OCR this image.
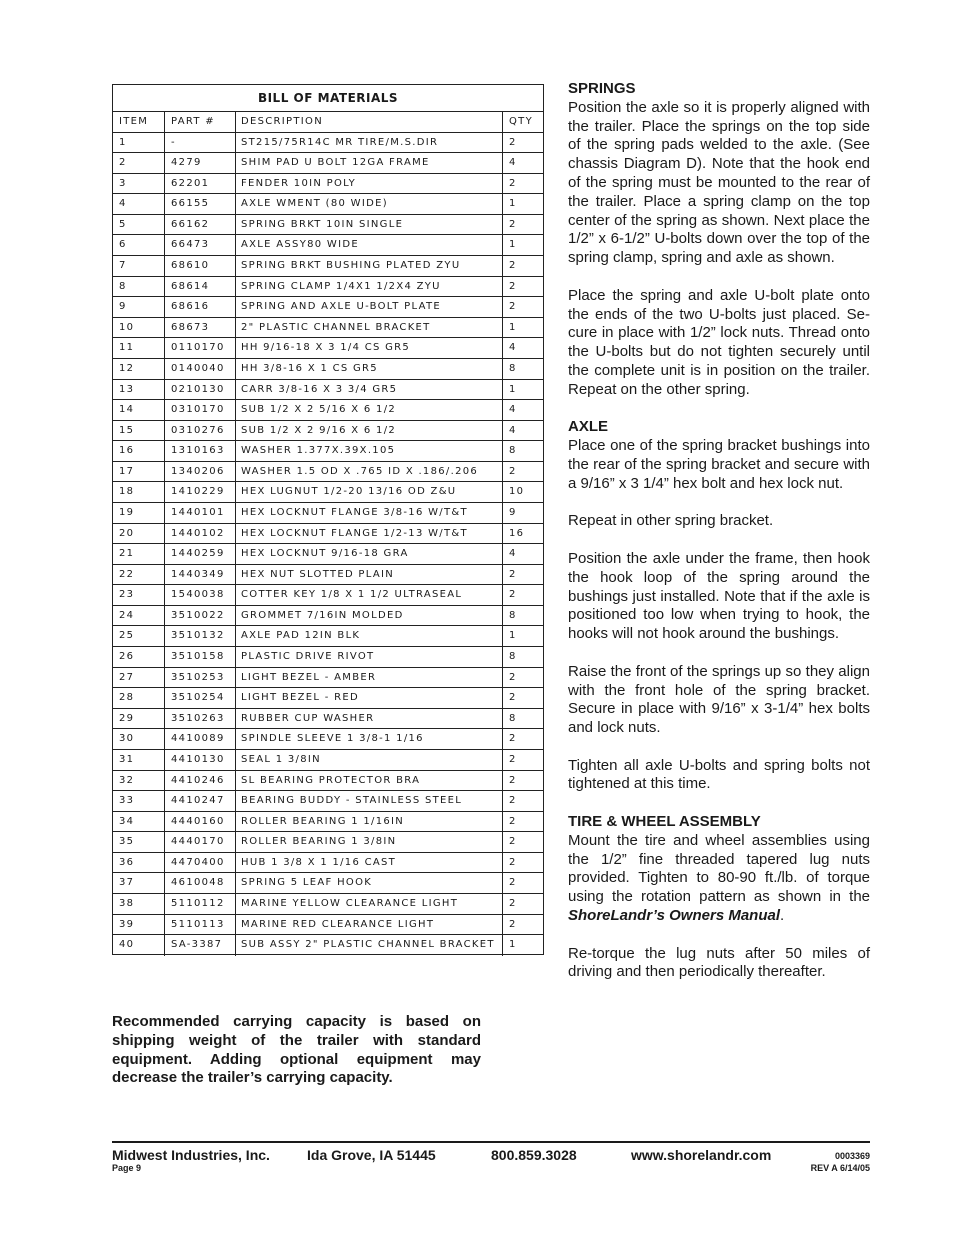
BILL OF MATERIALS
ITEM	PART #	DESCRIPTION	QTY
1	-	ST215/75R14C MR TIRE/M.S.DIR	2
2	4279	SHIM PAD U BOLT 12GA FRAME	4
3	62201	FENDER 10IN POLY	2
4	66155	AXLE WMENT (80 WIDE)	1
5	66162	SPRING BRKT 10IN SINGLE	2
6	66473	AXLE ASSY80 WIDE	1
7	68610	SPRING BRKT BUSHING PLATED ZYU	2
8	68614	SPRING CLAMP 1/4X1 1/2X4 ZYU	2
9	68616	SPRING AND AXLE U-BOLT PLATE	2
10	68673	2" PLASTIC CHANNEL BRACKET	1
11	0110170	HH 9/16-18 X 3 1/4 CS GR5	4
12	0140040	HH 3/8-16 X 1 CS GR5	8
13	0210130	CARR 3/8-16 X 3 3/4 GR5	1
14	0310170	SUB 1/2 X 2 5/16 X 6 1/2	4
15	0310276	SUB 1/2 X 2 9/16 X 6 1/2	4
16	1310163	WASHER 1.377X.39X.105	8
17	1340206	WASHER 1.5 OD X .765 ID X .186/.206	2
18	1410229	HEX LUGNUT 1/2-20 13/16 OD Z&U	10
19	1440101	HEX LOCKNUT FLANGE 3/8-16 W/T&T	9
20	1440102	HEX LOCKNUT FLANGE 1/2-13 W/T&T	16
21	1440259	HEX LOCKNUT 9/16-18 GRA	4
22	1440349	HEX NUT SLOTTED PLAIN	2
23	1540038	COTTER KEY 1/8 X 1 1/2 ULTRASEAL	2
24	3510022	GROMMET 7/16IN MOLDED	8
25	3510132	AXLE PAD 12IN BLK	1
26	3510158	PLASTIC DRIVE RIVOT	8
27	3510253	LIGHT BEZEL - AMBER	2
28	3510254	LIGHT BEZEL - RED	2
29	3510263	RUBBER CUP WASHER	8
30	4410089	SPINDLE SLEEVE 1 3/8-1 1/16	2
31	4410130	SEAL 1 3/8IN	2
32	4410246	SL BEARING PROTECTOR BRA	2
33	4410247	BEARING BUDDY - STAINLESS STEEL	2
34	4440160	ROLLER BEARING 1 1/16IN	2
35	4440170	ROLLER BEARING 1 3/8IN	2
36	4470400	HUB 1 3/8 X 1 1/16 CAST	2
37	4610048	SPRING 5 LEAF HOOK	2
38	5110112	MARINE YELLOW CLEARANCE LIGHT	2
39	5110113	MARINE RED CLEARANCE LIGHT	2
40	SA-3387	SUB ASSY 2" PLASTIC CHANNEL BRACKET	1
SPRINGS

Position the axle so it is properly aligned with the trailer. Place the springs on the top side of the spring pads welded to the axle. (See chassis Diagram D). Note that the hook end of the spring must be mounted to the rear of the trailer. Place a spring clamp on the top center of the spring as shown. Next place the 1/2” x 6-1/2” U-bolts down over the top of the spring clamp, spring and axle as shown.

Place the spring and axle U-bolt plate onto the ends of the two U-bolts just placed. Se-cure in place with 1/2” lock nuts. Thread onto the U-bolts but do not tighten securely until the complete unit is in position on the trailer. Repeat on the other spring.

AXLE

Place one of the spring bracket bushings into the rear of the spring bracket and secure with a 9/16” x 3 1/4” hex bolt and hex lock nut.

Repeat in other spring bracket.

Position the axle under the frame, then hook the hook loop of the spring around the bushings just installed. Note that if the axle is positioned too low when trying to hook, the hooks will not hook around the bushings.

Raise the front of the springs up so they align with the front hole of the spring bracket. Secure in place with 9/16” x 3-1/4” hex bolts and lock nuts.

Tighten all axle U-bolts and spring bolts not tightened at this time.

TIRE & WHEEL ASSEMBLY

Mount the tire and wheel assemblies using the 1/2” fine threaded tapered lug nuts provided. Tighten to 80-90 ft./lb. of torque using the rotation pattern as shown in the ShoreLandr’s Owners Manual.

Re-torque the lug nuts after 50 miles of driving and then periodically thereafter.

Recommended carrying capacity is based on shipping weight of the trailer with standard equipment. Adding optional equipment may decrease the trailer’s carrying capacity.

Midwest Industries, Inc.	Ida Grove, IA 51445	800.859.3028	www.shorelandr.com
Page 9
0003369
REV A 6/14/05
